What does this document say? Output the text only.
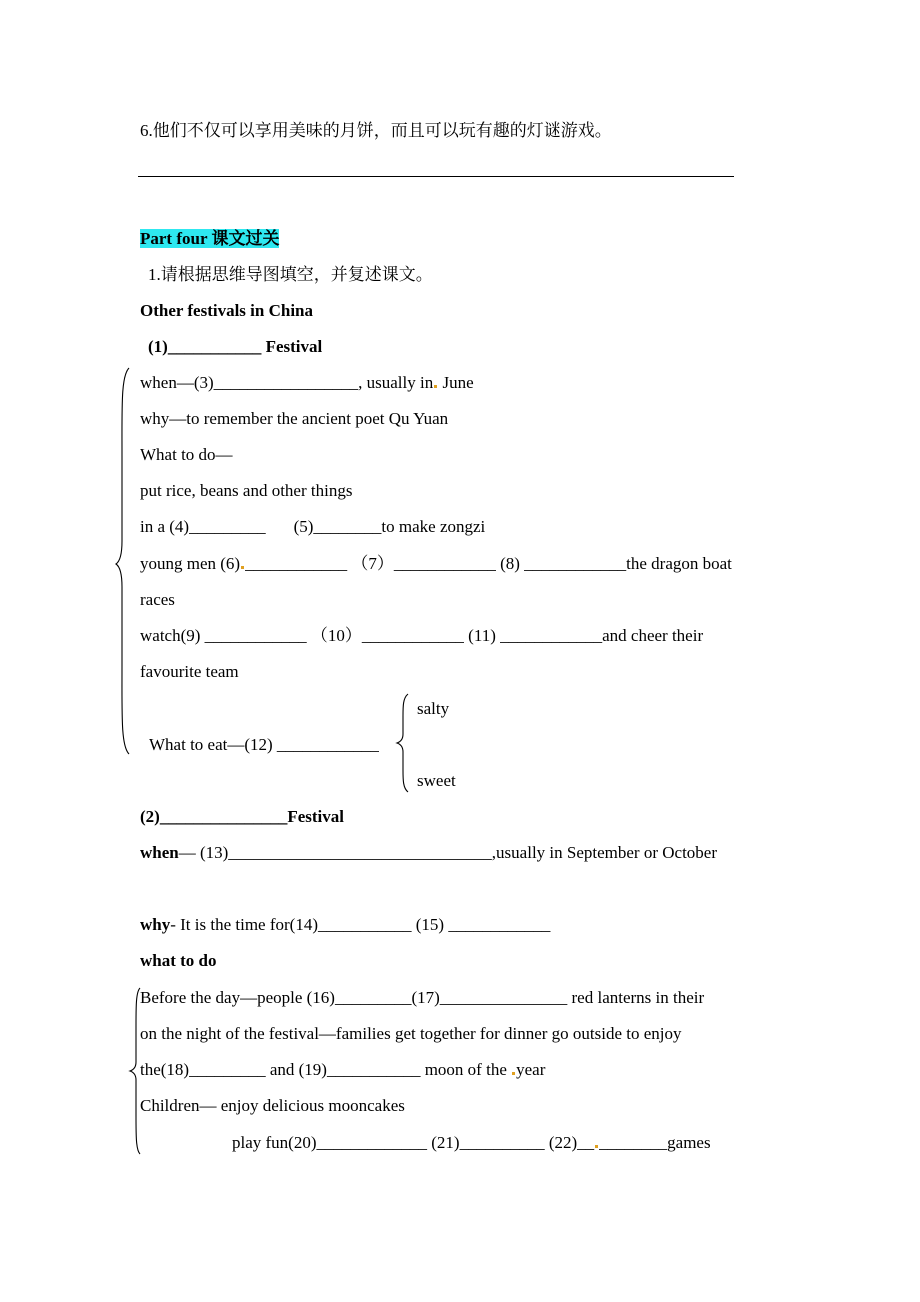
6.他们不仅可以享用美味的月饼，而且可以玩有趣的灯谜游戏。
Part four 课文过关
1.请根据思维导图填空，并复述课文。
Other festivals in China
(1)___________ Festival
when—(3)_________________, usually in June
why—to remember the ancient poet Qu Yuan
What to do—
put rice, beans and other things
in a (4)_________ (5)________to make zongzi
young men (6) ____________ （7）____________ (8) ____________the dragon boat
races
watch(9) ____________ （10）____________ (11) ____________and cheer their
favourite team
salty
What to eat—(12) ____________
sweet
(2)_______________Festival
when— (13)_______________________________,usually in September or October
why- It is the time for(14)___________ (15) ____________
what to do
Before the day—people (16)_________(17)_______________ red lanterns in their
on the night of the festival—families get together for dinner go outside to enjoy
the(18)_________ and (19)___________ moon of the year
Children— enjoy delicious mooncakes
play fun(20)_____________ (21)__________ (22)__ ________games
